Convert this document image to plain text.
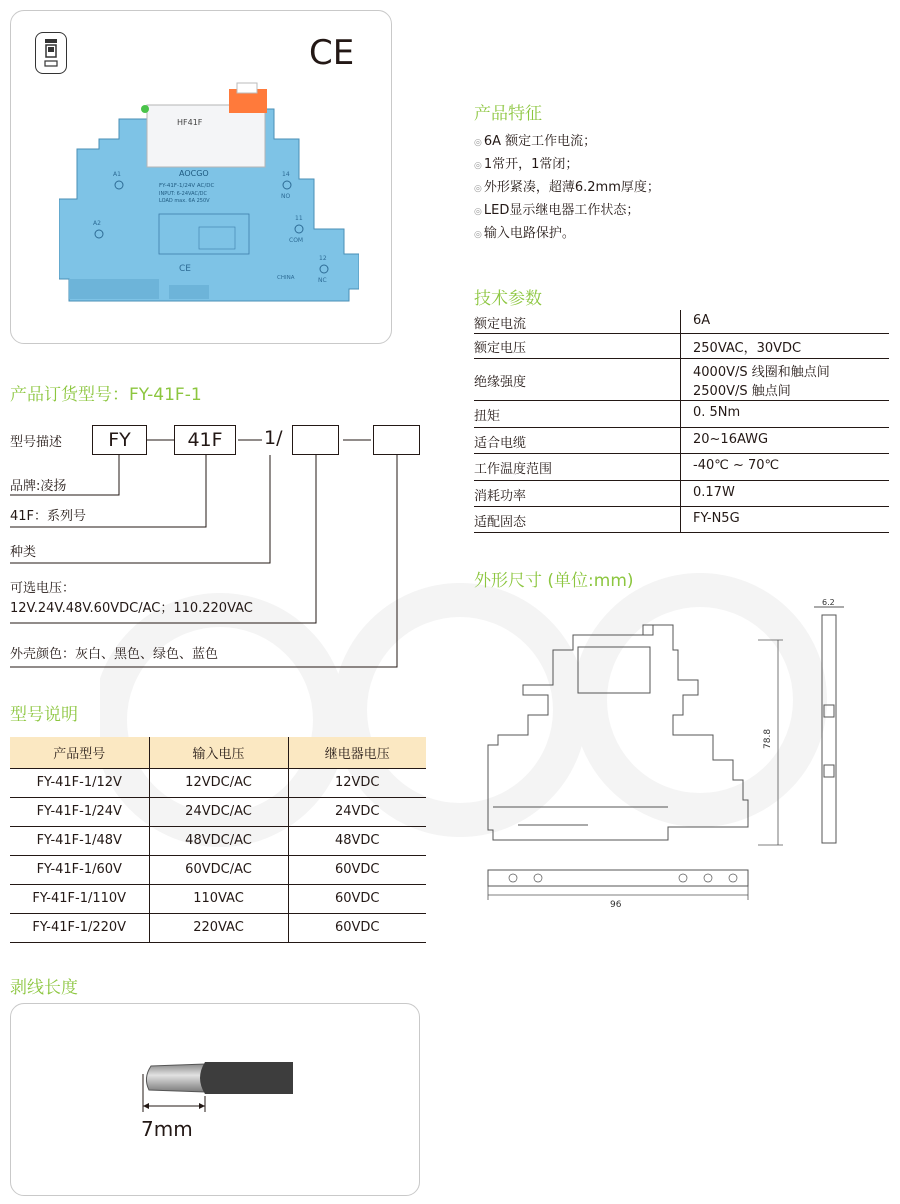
CE
HF41F
AOCGO
FY-41F-1/24V AC/DC
INPUT: 6-24VAC/DC
LOAD max. 6A 250V
A1
A2
14
NO
11
COM
12
NC
CE
CHINA
产品特征
◎ 6A 额定工作电流；
◎ 1常开，1常闭；
◎ 外形紧凑，超薄6.2mm厚度；
◎ LED显示继电器工作状态；
◎ 输入电路保护。
技术参数
额定电流	6A
额定电压	250VAC，30VDC
绝缘强度
4000V/S 线圈和触点间
2500V/S 触点间
扭矩	0. 5Nm
适合电缆	20~16AWG
工作温度范围	-40℃ ~ 70℃
消耗功率	0.17W
适配固态	FY-N5G
产品订货型号：FY-41F-1
型号描述	FY	41F	1/
品牌:凌扬
41F：系列号
种类
可选电压：
12V.24V.48V.60VDC/AC；110.220VAC
外壳颜色：灰白、黑色、绿色、蓝色
外形尺寸 (单位:mm)
78.8
96
6.2
型号说明
产品型号	输入电压	继电器电压
FY-41F-1/12V	12VDC/AC	12VDC
FY-41F-1/24V	24VDC/AC	24VDC
FY-41F-1/48V	48VDC/AC	48VDC
FY-41F-1/60V	60VDC/AC	60VDC
FY-41F-1/110V	110VAC	60VDC
FY-41F-1/220V	220VAC	60VDC
剥线长度
7mm
